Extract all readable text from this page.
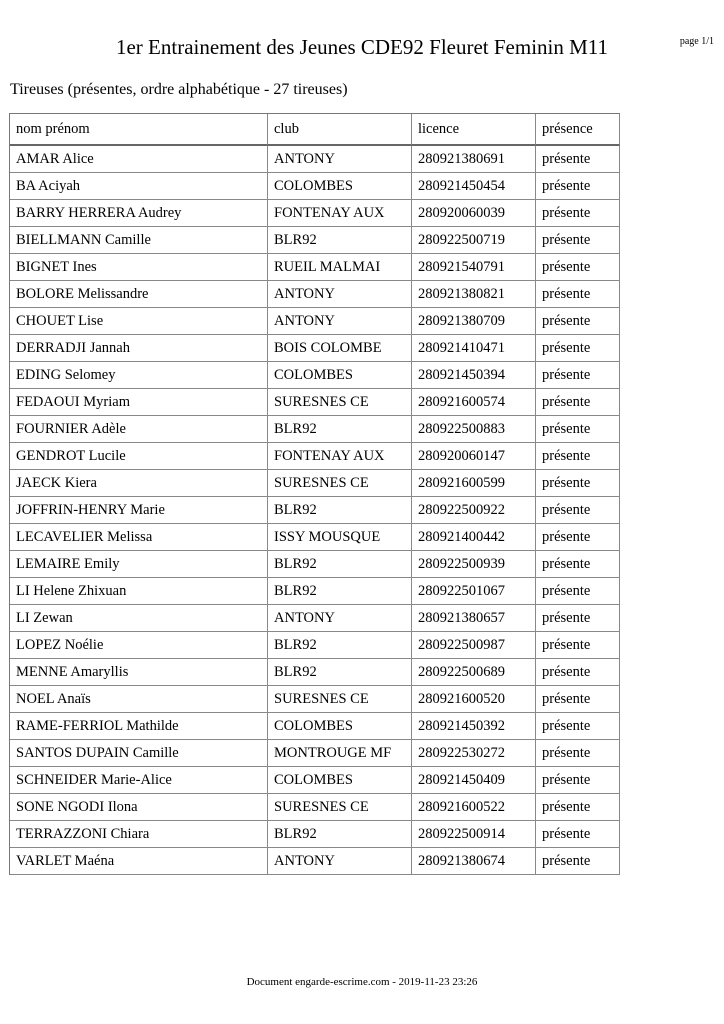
1er Entrainement des Jeunes CDE92 Fleuret Feminin M11	page 1/1
Tireuses (présentes, ordre alphabétique - 27 tireuses)
nom prénom	club	licence	présence
AMAR Alice	ANTONY	280921380691	présente
BA Aciyah	COLOMBES	280921450454	présente
BARRY HERRERA Audrey	FONTENAY AUX	280920060039	présente
BIELLMANN Camille	BLR92	280922500719	présente
BIGNET Ines	RUEIL MALMAI	280921540791	présente
BOLORE Melissandre	ANTONY	280921380821	présente
CHOUET Lise	ANTONY	280921380709	présente
DERRADJI Jannah	BOIS COLOMBE	280921410471	présente
EDING Selomey	COLOMBES	280921450394	présente
FEDAOUI Myriam	SURESNES CE	280921600574	présente
FOURNIER Adèle	BLR92	280922500883	présente
GENDROT Lucile	FONTENAY AUX	280920060147	présente
JAECK Kiera	SURESNES CE	280921600599	présente
JOFFRIN-HENRY Marie	BLR92	280922500922	présente
LECAVELIER Melissa	ISSY MOUSQUE	280921400442	présente
LEMAIRE Emily	BLR92	280922500939	présente
LI Helene Zhixuan	BLR92	280922501067	présente
LI Zewan	ANTONY	280921380657	présente
LOPEZ Noélie	BLR92	280922500987	présente
MENNE Amaryllis	BLR92	280922500689	présente
NOEL Anaïs	SURESNES CE	280921600520	présente
RAME-FERRIOL Mathilde	COLOMBES	280921450392	présente
SANTOS DUPAIN Camille	MONTROUGE MF	280922530272	présente
SCHNEIDER Marie-Alice	COLOMBES	280921450409	présente
SONE NGODI Ilona	SURESNES CE	280921600522	présente
TERRAZZONI Chiara	BLR92	280922500914	présente
VARLET Maéna	ANTONY	280921380674	présente
Document engarde-escrime.com - 2019-11-23 23:26
